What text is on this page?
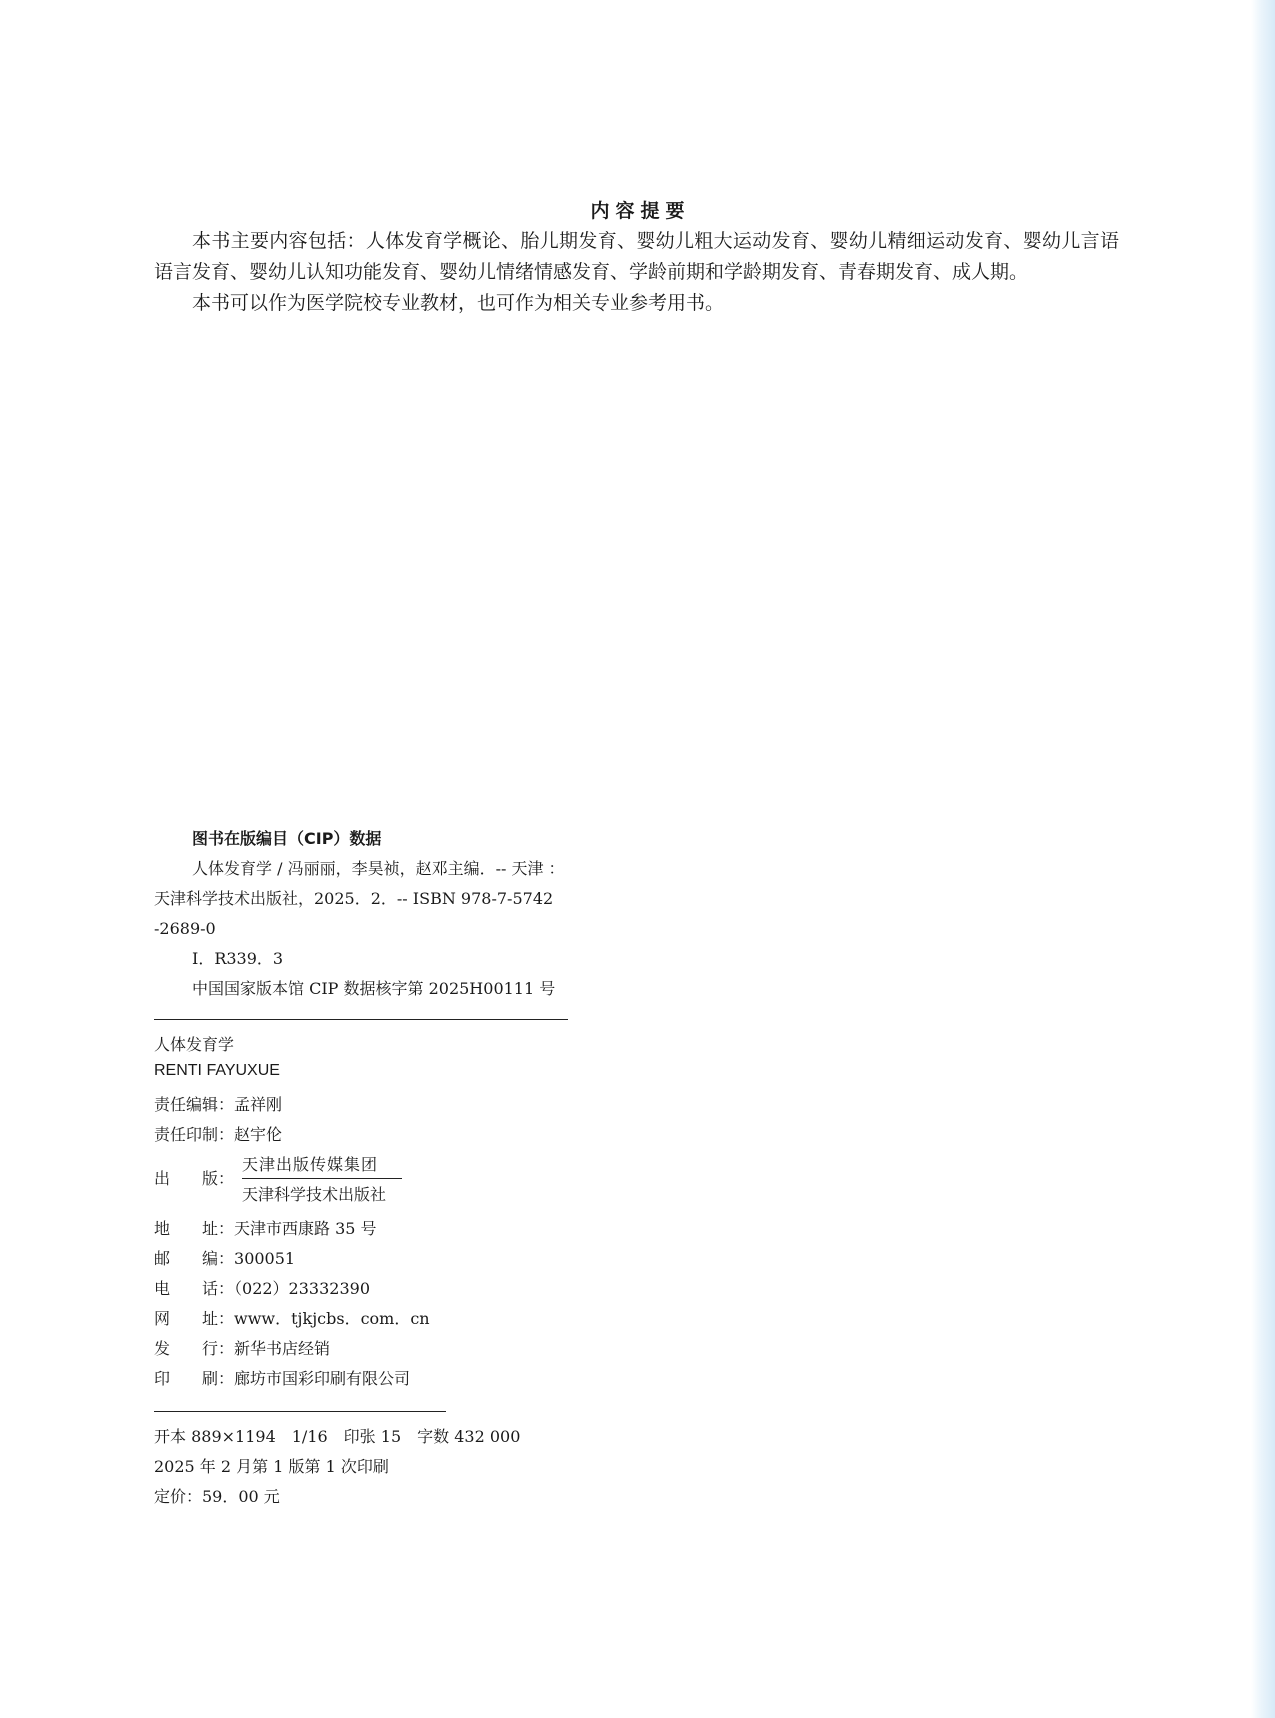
内容提要

本书主要内容包括：人体发育学概论、胎儿期发育、婴幼儿粗大运动发育、婴幼儿精细运动发育、婴幼儿言语语言发育、婴幼儿认知功能发育、婴幼儿情绪情感发育、学龄前期和学龄期发育、青春期发育、成人期。

本书可以作为医学院校专业教材，也可作为相关专业参考用书。

图书在版编目（CIP）数据
人体发育学 / 冯丽丽，李昊祯，赵邓主编．-- 天津 ：
天津科学技术出版社，2025．2．-- ISBN 978-7-5742
-2689-0
Ⅰ．R339．3
中国国家版本馆 CIP 数据核字第 2025H00111 号
人体发育学
RENTI FAYUXUE
责任编辑：孟祥刚
责任印制：赵宇伦
出　　版：
天津出版传媒集团
天津科学技术出版社
地　　址：天津市西康路 35 号
邮　　编：300051
电　　话：（022）23332390
网　　址：www．tjkjcbs．com．cn
发　　行：新华书店经销
印　　刷：廊坊市国彩印刷有限公司
开本 889×1194　1/16　印张 15　字数 432 000
2025 年 2 月第 1 版第 1 次印刷
定价：59．00 元
